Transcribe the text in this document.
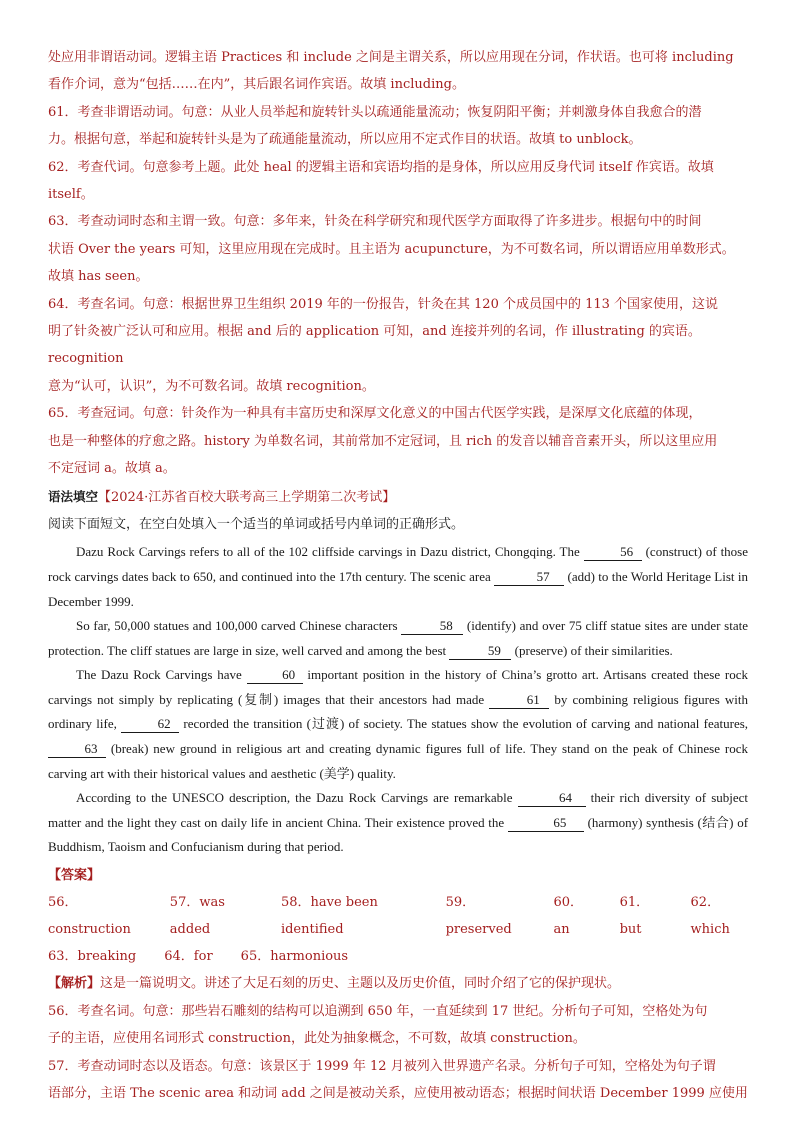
处应用非谓语动词。逻辑主语 Practices 和 include 之间是主谓关系，所以应用现在分词，作状语。也可将 including

看作介词，意为“包括……在内”，其后跟名词作宾语。故填 including。

61．考查非谓语动词。句意：从业人员举起和旋转针头以疏通能量流动；恢复阴阳平衡；并刺激身体自我愈合的潜

力。根据句意，举起和旋转针头是为了疏通能量流动，所以应用不定式作目的状语。故填 to unblock。

62．考查代词。句意参考上题。此处 heal 的逻辑主语和宾语均指的是身体，所以应用反身代词 itself 作宾语。故填

itself。

63．考查动词时态和主谓一致。句意：多年来，针灸在科学研究和现代医学方面取得了许多进步。根据句中的时间

状语 Over the years 可知，这里应用现在完成时。且主语为 acupuncture，为不可数名词，所以谓语应用单数形式。

故填 has seen。

64．考查名词。句意：根据世界卫生组织 2019 年的一份报告，针灸在其 120 个成员国中的 113 个国家使用，这说

明了针灸被广泛认可和应用。根据 and 后的 application 可知，and 连接并列的名词，作 illustrating 的宾语。recognition

意为“认可，认识”，为不可数名词。故填 recognition。

65．考查冠词。句意：针灸作为一种具有丰富历史和深厚文化意义的中国古代医学实践，是深厚文化底蕴的体现，

也是一种整体的疗愈之路。history 为单数名词，其前常加不定冠词，且 rich 的发音以辅音音素开头，所以这里应用

不定冠词 a。故填 a。

语法填空【2024·江苏省百校大联考高三上学期第二次考试】

阅读下面短文，在空白处填入一个适当的单词或括号内单词的正确形式。

Dazu Rock Carvings refers to all of the 102 cliffside carvings in Dazu district, Chongqing. The	56 (construct) of those rock carvings dates back to 650, and continued into the 17th century. The scenic area	57 (add) to the World Heritage List in December 1999.

So far, 50,000 statues and 100,000 carved Chinese characters	58 (identify) and over 75 cliff statue sites are under state protection. The cliff statues are large in size, well carved and among the best	59 (preserve) of their similarities.

The Dazu Rock Carvings have	60 important position in the history of China’s grotto art. Artisans created these rock carvings not simply by replicating (复制) images that their ancestors had made	61 by combining religious figures with ordinary life,	62 recorded the transition (过渡) of society. The statues show the evolution of carving and national features, 63 (break) new ground in religious art and creating dynamic figures full of life. They stand on the peak of Chinese rock carving art with their historical values and aesthetic (美学) quality.

According to the UNESCO description, the Dazu Rock Carvings are remarkable	64 their rich diversity of subject matter and the light they cast on daily life in ancient China. Their existence proved the	65 (harmony) synthesis (结合) of Buddhism, Taoism and Confucianism during that period.

【答案】

56．construction
57．was added
58．have been identified
59．preserved
60．an
61．but
62．which
63．breaking 64．for 65．harmonious

【解析】这是一篇说明文。讲述了大足石刻的历史、主题以及历史价值，同时介绍了它的保护现状。

56．考查名词。句意：那些岩石雕刻的结构可以追溯到 650 年，一直延续到 17 世纪。分析句子可知，空格处为句

子的主语，应使用名词形式 construction，此处为抽象概念，不可数，故填 construction。

57．考查动词时态以及语态。句意：该景区于 1999 年 12 月被列入世界遗产名录。分析句子可知，空格处为句子谓

语部分，主语 The scenic area 和动词 add 之间是被动关系，应使用被动语态；根据时间状语 December 1999 应使用
